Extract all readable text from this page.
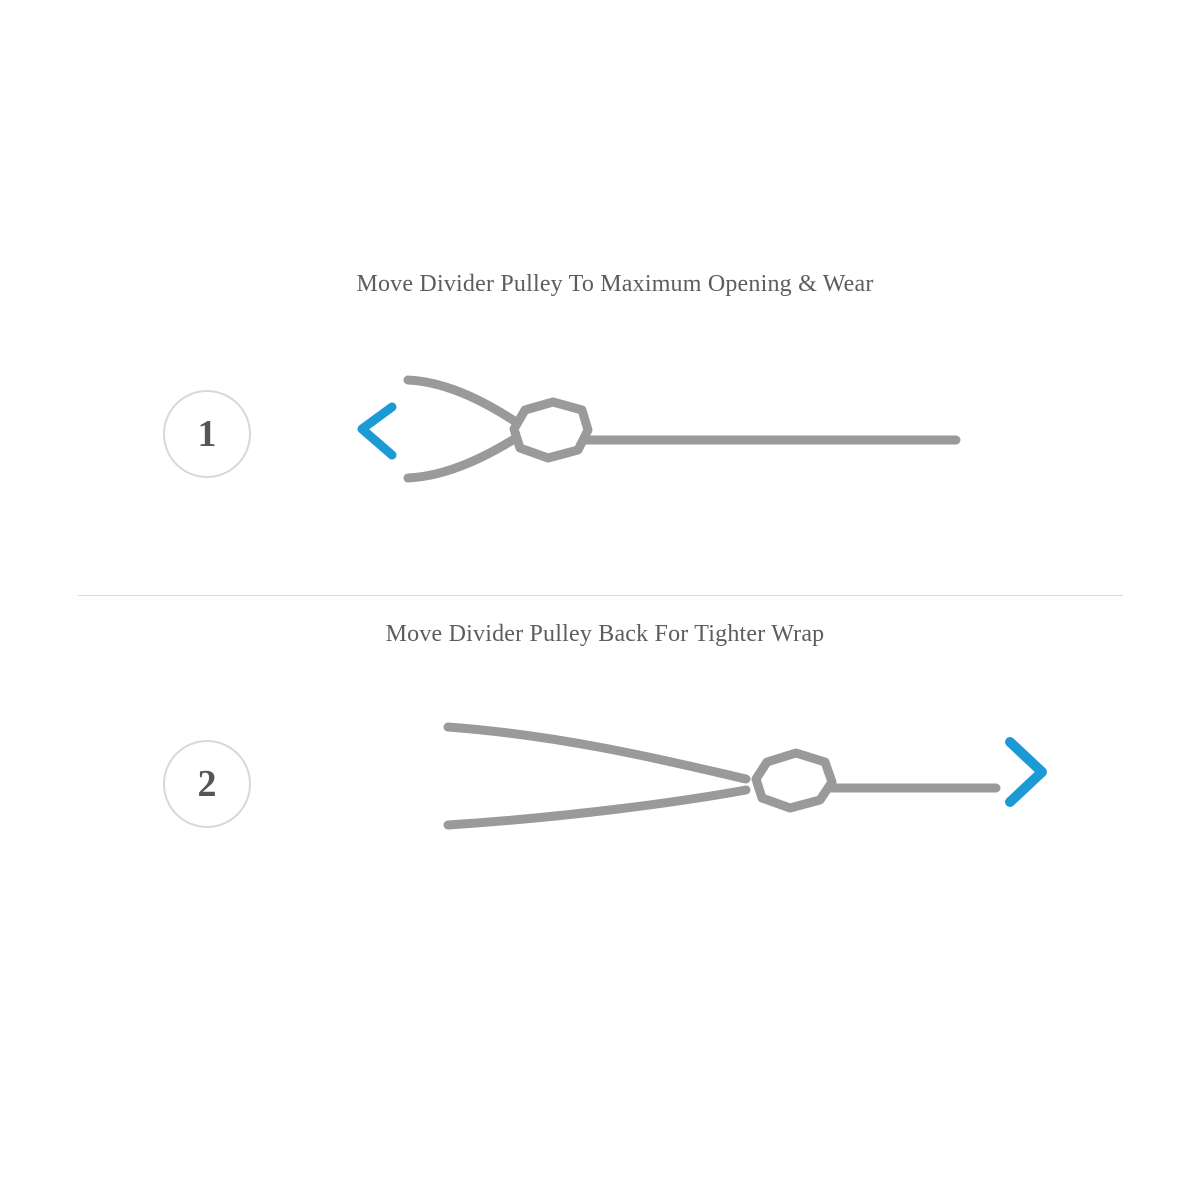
Move Divider Pulley To Maximum Opening & Wear
1
Move Divider Pulley Back For Tighter Wrap
2
